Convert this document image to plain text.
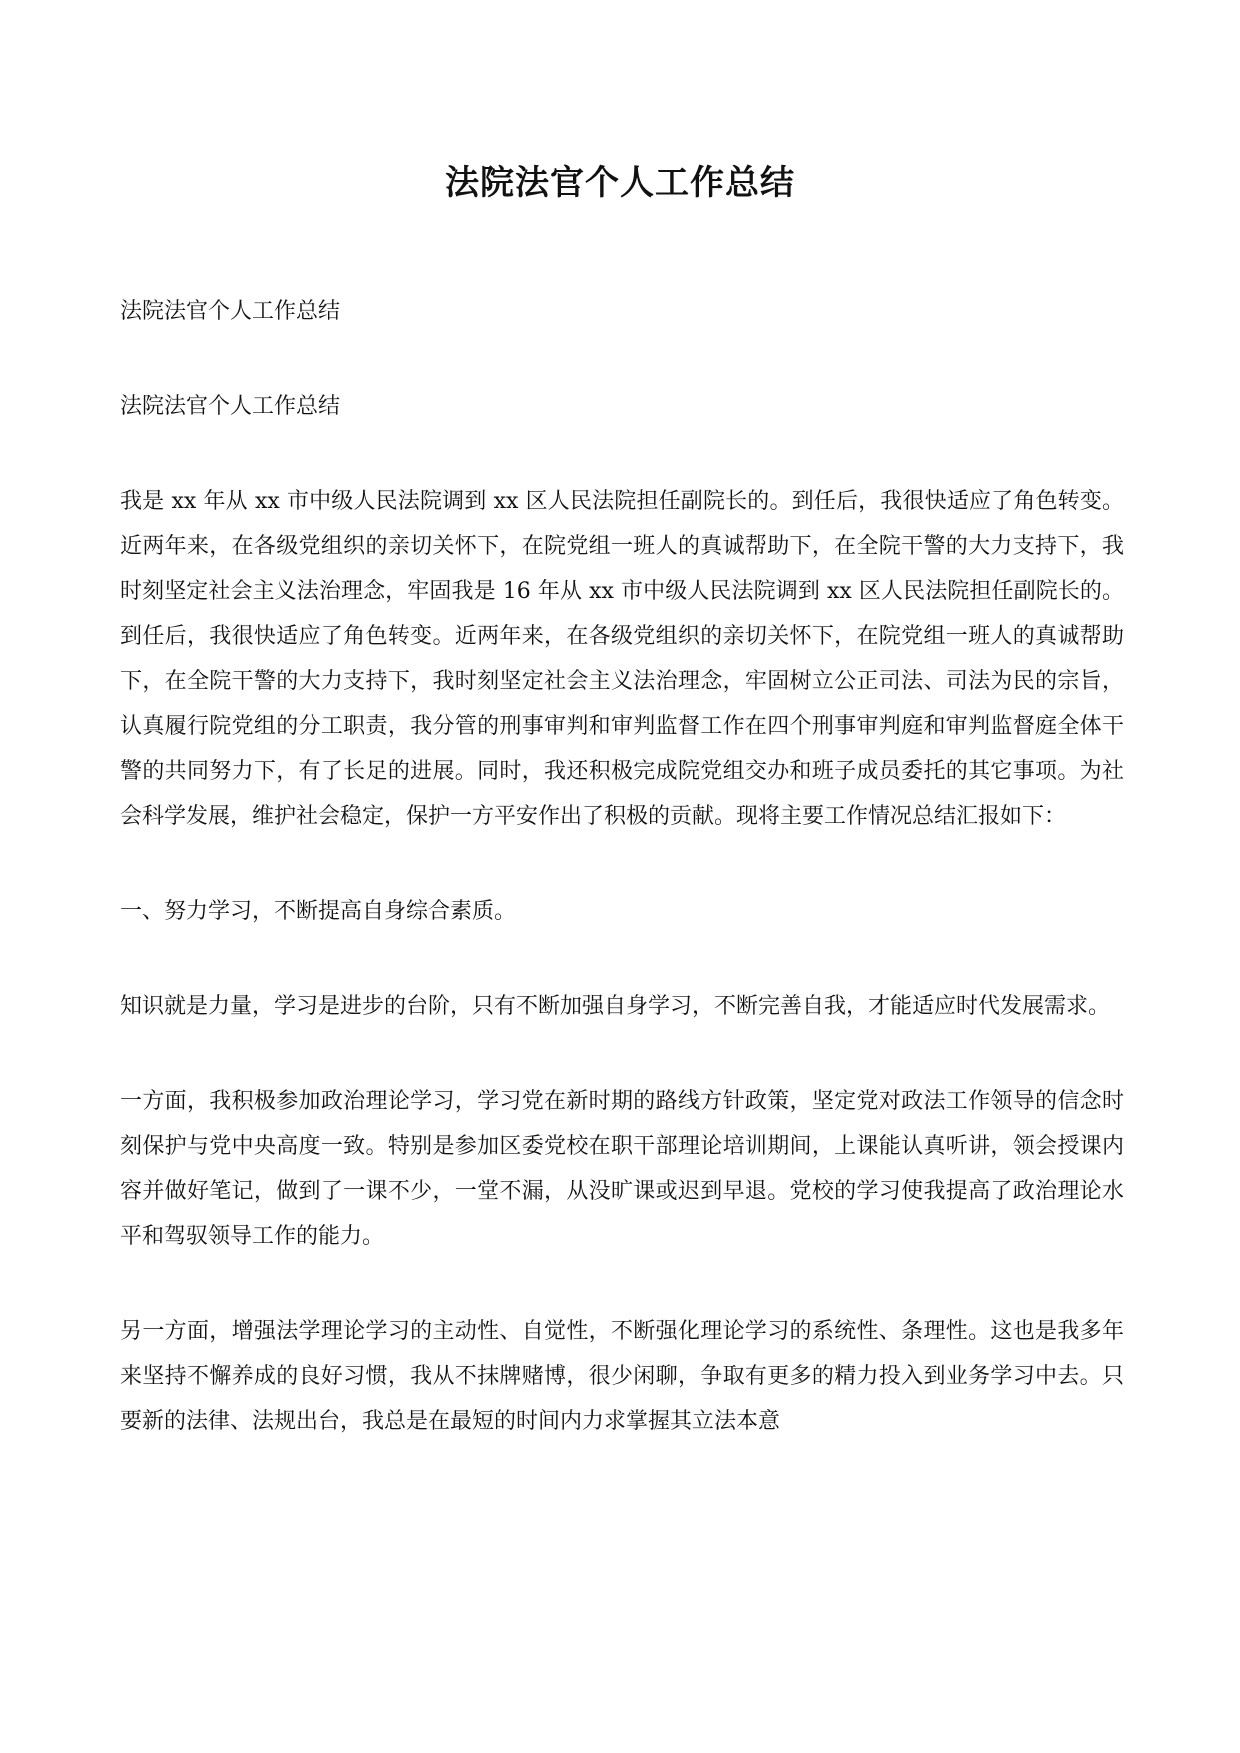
法院法官个人工作总结

法院法官个人工作总结

法院法官个人工作总结

我是 xx 年从 xx 市中级人民法院调到 xx 区人民法院担任副院长的。到任后，我很快适应了角色转变。近两年来，在各级党组织的亲切关怀下，在院党组一班人的真诚帮助下，在全院干警的大力支持下，我时刻坚定社会主义法治理念，牢固我是 16 年从 xx 市中级人民法院调到 xx 区人民法院担任副院长的。到任后，我很快适应了角色转变。近两年来，在各级党组织的亲切关怀下，在院党组一班人的真诚帮助下，在全院干警的大力支持下，我时刻坚定社会主义法治理念，牢固树立公正司法、司法为民的宗旨，认真履行院党组的分工职责，我分管的刑事审判和审判监督工作在四个刑事审判庭和审判监督庭全体干警的共同努力下，有了长足的进展。同时，我还积极完成院党组交办和班子成员委托的其它事项。为社会科学发展，维护社会稳定，保护一方平安作出了积极的贡献。现将主要工作情况总结汇报如下：

一、努力学习，不断提高自身综合素质。

知识就是力量，学习是进步的台阶，只有不断加强自身学习，不断完善自我，才能适应时代发展需求。

一方面，我积极参加政治理论学习，学习党在新时期的路线方针政策，坚定党对政法工作领导的信念时刻保护与党中央高度一致。特别是参加区委党校在职干部理论培训期间，上课能认真听讲，领会授课内容并做好笔记，做到了一课不少，一堂不漏，从没旷课或迟到早退。党校的学习使我提高了政治理论水平和驾驭领导工作的能力。

另一方面，增强法学理论学习的主动性、自觉性，不断强化理论学习的系统性、条理性。这也是我多年来坚持不懈养成的良好习惯，我从不抹牌赌博，很少闲聊，争取有更多的精力投入到业务学习中去。只要新的法律、法规出台，我总是在最短的时间内力求掌握其立法本意
